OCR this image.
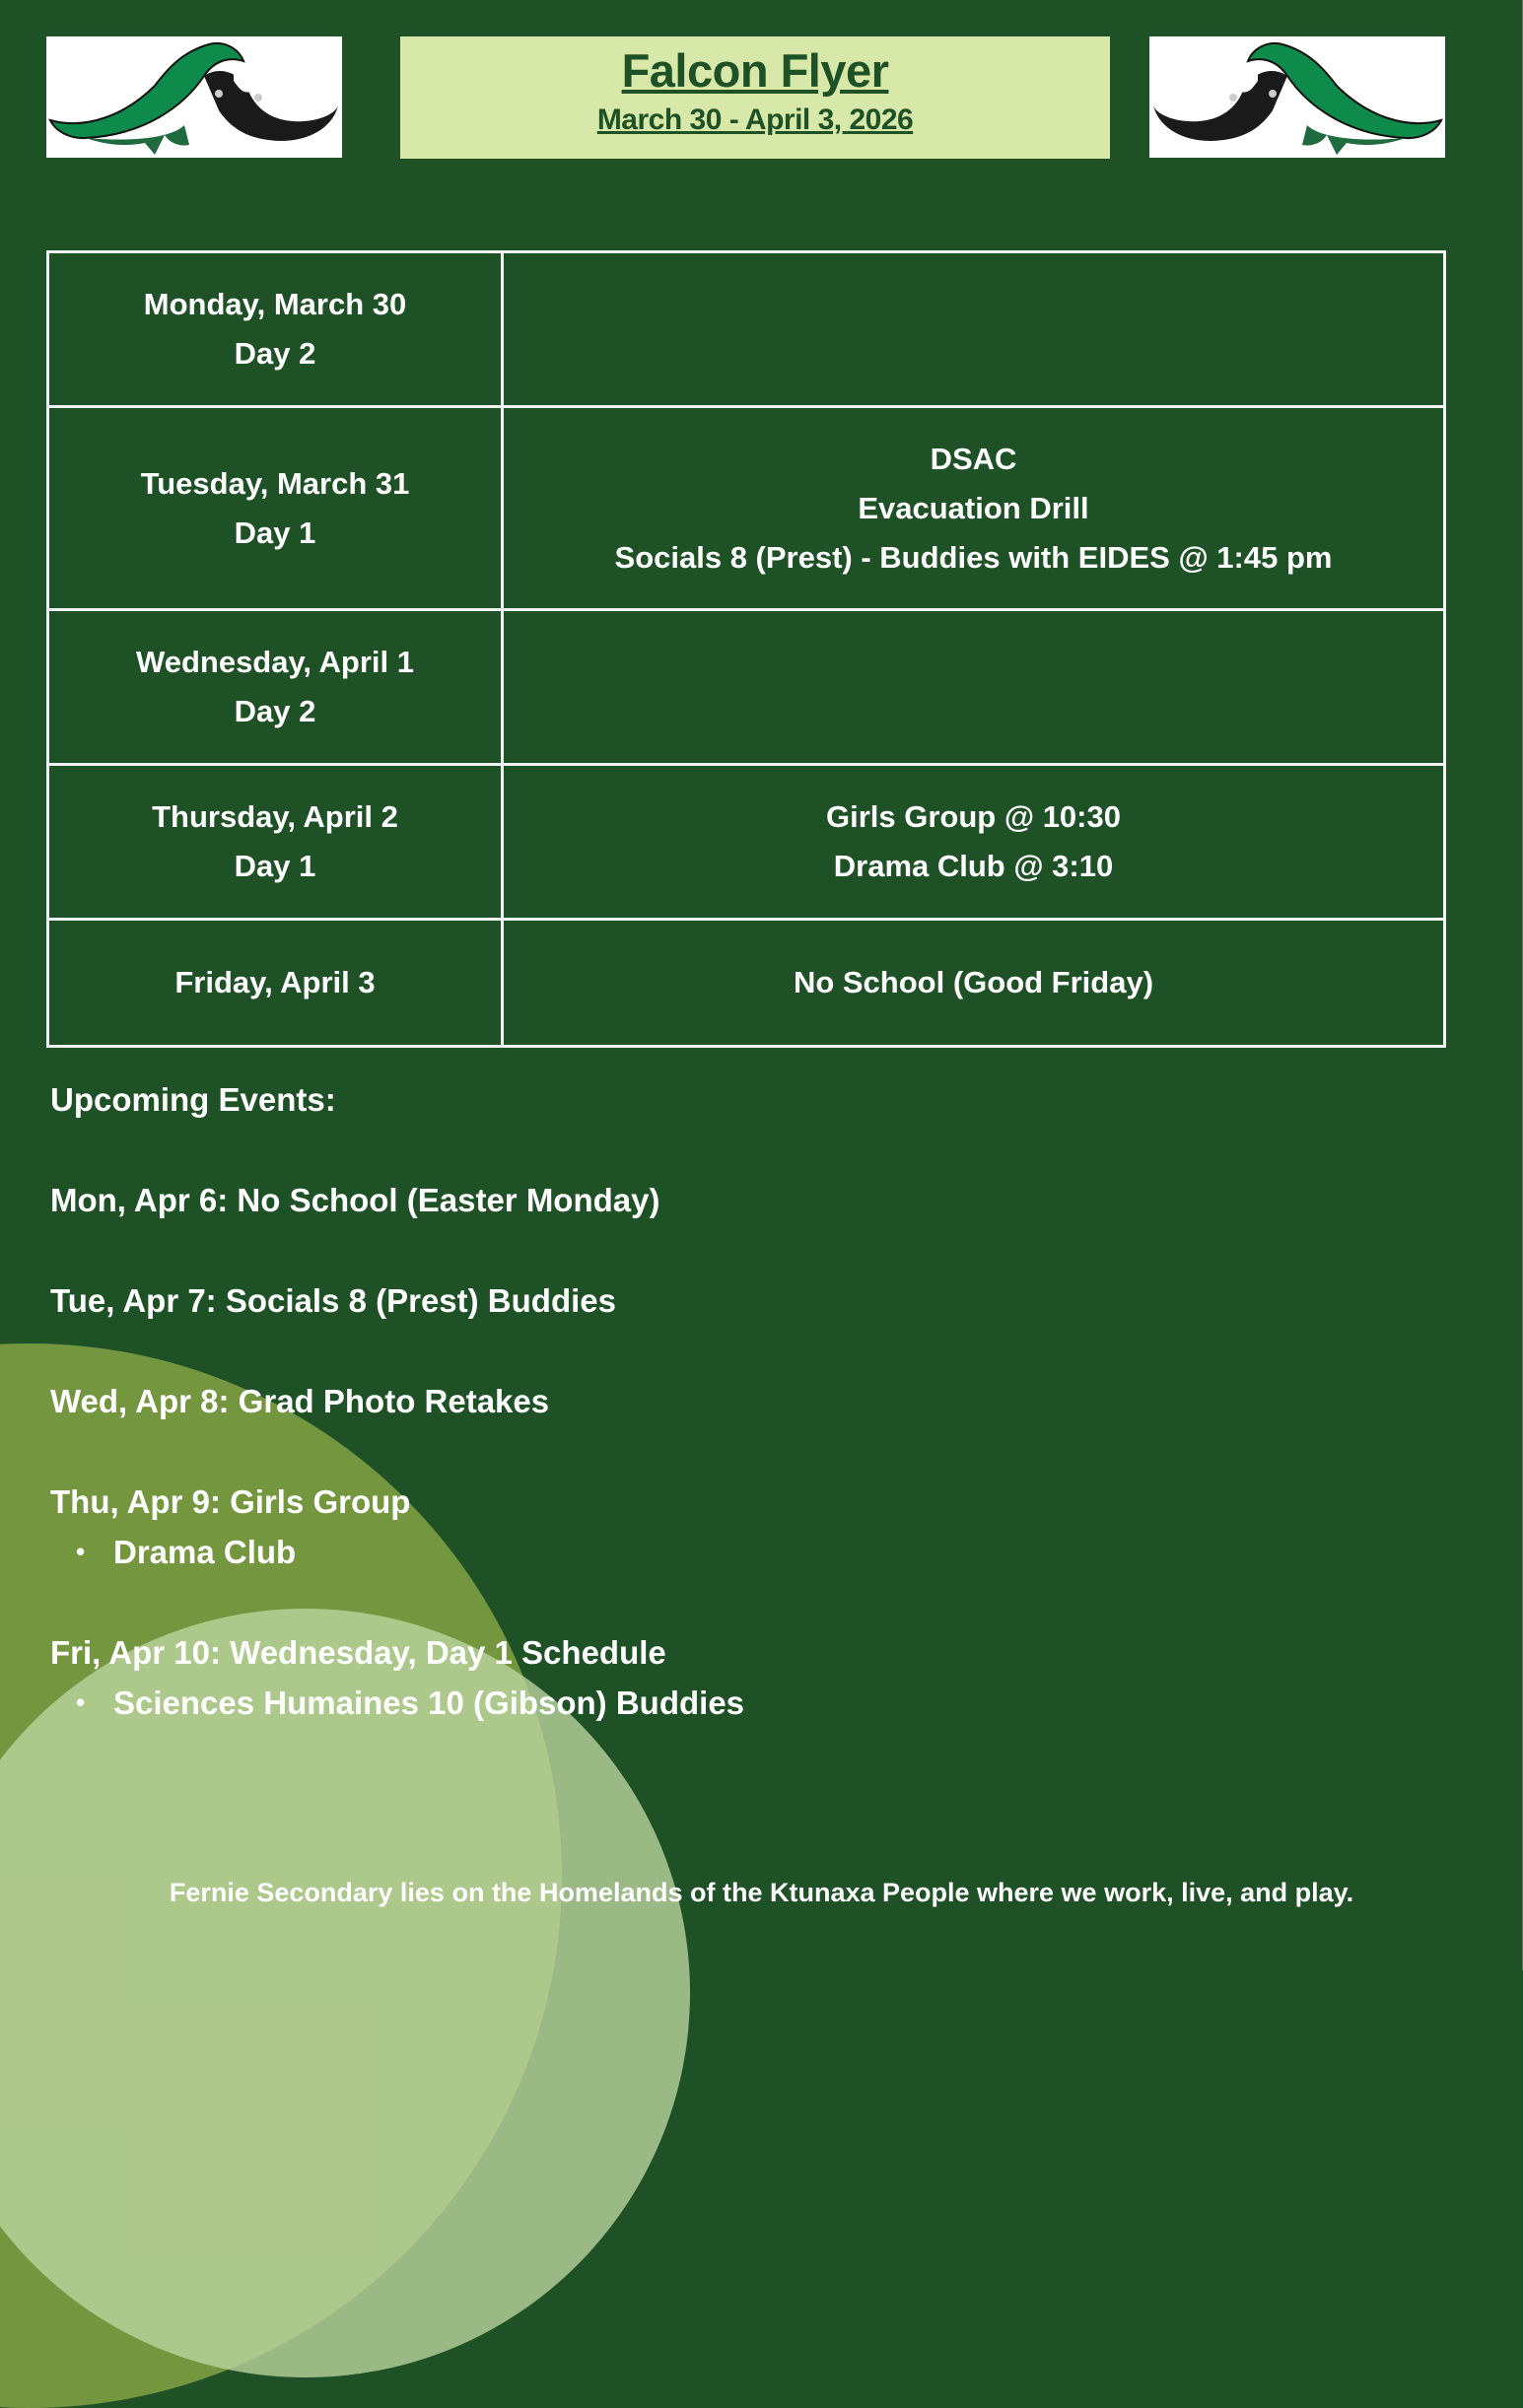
Falcon Flyer
March 30 - April 3, 2026
Monday, March 30
Day 2	

Tuesday, March 31
Day 1	DSAC
Evacuation Drill
Socials 8 (Prest) - Buddies with EIDES @ 1:45 pm

Wednesday, April 1
Day 2	

Thursday, April 2
Day 1	Girls Group @ 10:30
Drama Club @ 3:10

Friday, April 3	No School (Good Friday)
Upcoming Events:
Mon, Apr 6: No School (Easter Monday)
Tue, Apr 7: Socials 8 (Prest) Buddies
Wed, Apr 8: Grad Photo Retakes
Thu, Apr 9: Girls Group
• Drama Club
Fri, Apr 10: Wednesday, Day 1 Schedule
• Sciences Humaines 10 (Gibson) Buddies
Fernie Secondary lies on the Homelands of the Ktunaxa People where we work, live, and play.
